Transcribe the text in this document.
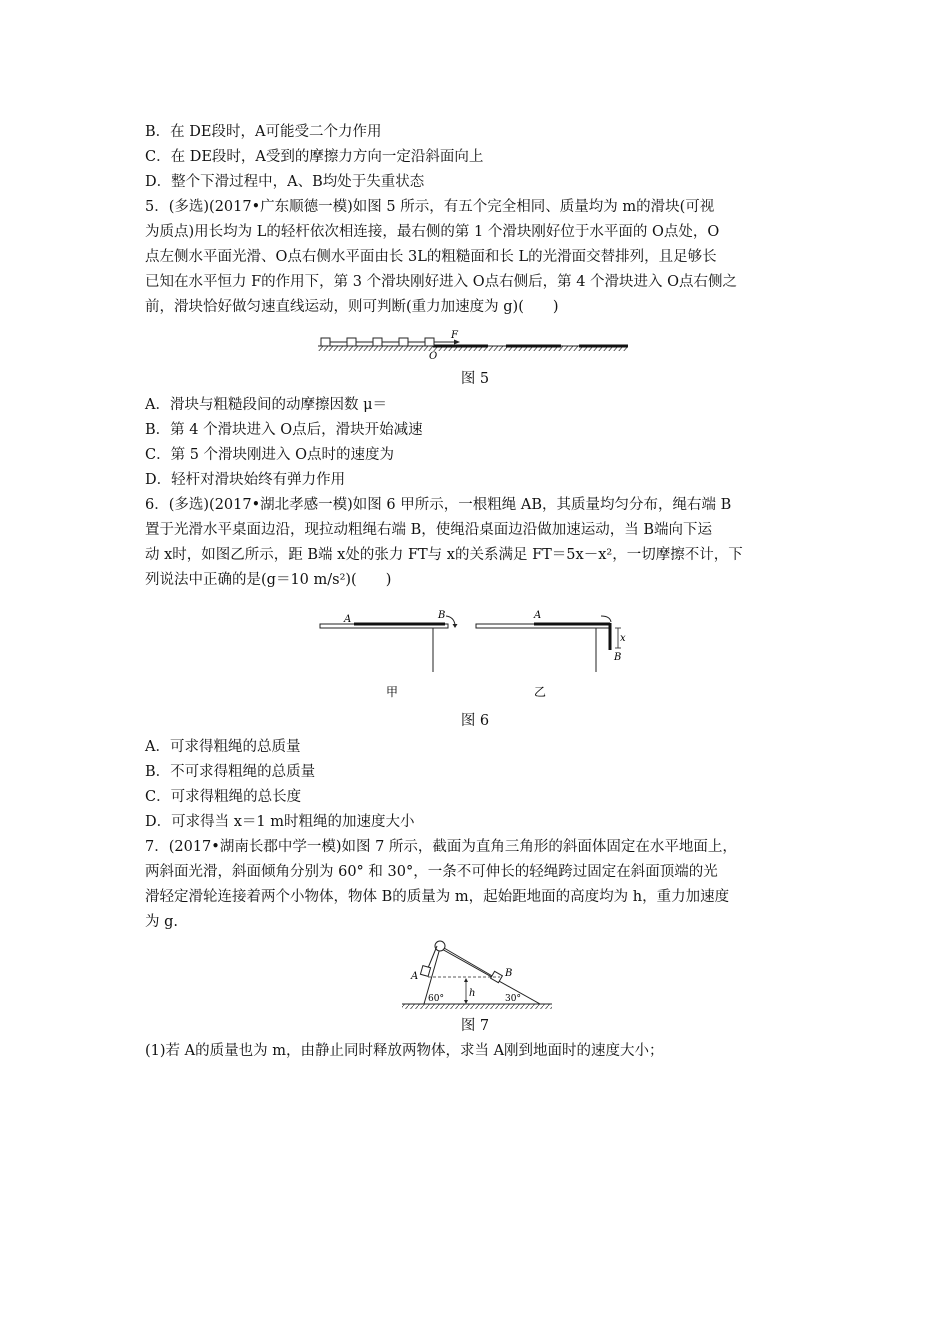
B．在 DE段时，A可能受二个力作用
C．在 DE段时，A受到的摩擦力方向一定沿斜面向上
D．整个下滑过程中，A、B均处于失重状态
5．(多选)(2017•广东顺德一模)如图 5 所示，有五个完全相同、质量均为 m的滑块(可视
为质点)用长均为 L的轻杆依次相连接，最右侧的第 1 个滑块刚好位于水平面的 O点处，O
点左侧水平面光滑、O点右侧水平面由长 3L的粗糙面和长 L的光滑面交替排列，且足够长
已知在水平恒力 F的作用下，第 3 个滑块刚好进入 O点右侧后，第 4 个滑块进入 O点右侧之
前，滑块恰好做匀速直线运动，则可判断(重力加速度为 g)(　　)
F
O
图 5
A．滑块与粗糙段间的动摩擦因数 μ＝
B．第 4 个滑块进入 O点后，滑块开始减速
C．第 5 个滑块刚进入 O点时的速度为
D．轻杆对滑块始终有弹力作用
6．(多选)(2017•湖北孝感一模)如图 6 甲所示，一根粗绳 AB，其质量均匀分布，绳右端 B
置于光滑水平桌面边沿，现拉动粗绳右端 B，使绳沿桌面边沿做加速运动，当 B端向下运
动 x时，如图乙所示，距 B端 x处的张力 FT与 x的关系满足 FT＝5x－x²，一切摩擦不计，下
列说法中正确的是(g＝10 m/s²)(　　)
A	B	A
x
B
甲	乙
图 6
A．可求得粗绳的总质量
B．不可求得粗绳的总质量
C．可求得粗绳的总长度
D．可求得当 x＝1 m时粗绳的加速度大小
7．(2017•湖南长郡中学一模)如图 7 所示，截面为直角三角形的斜面体固定在水平地面上，
两斜面光滑，斜面倾角分别为 60° 和 30°，一条不可伸长的轻绳跨过固定在斜面顶端的光
滑轻定滑轮连接着两个小物体，物体 B的质量为 m，起始距地面的高度均为 h，重力加速度
为 g.
A	B
h
60°	30°
图 7
(1)若 A的质量也为 m，由静止同时释放两物体，求当 A刚到地面时的速度大小；
